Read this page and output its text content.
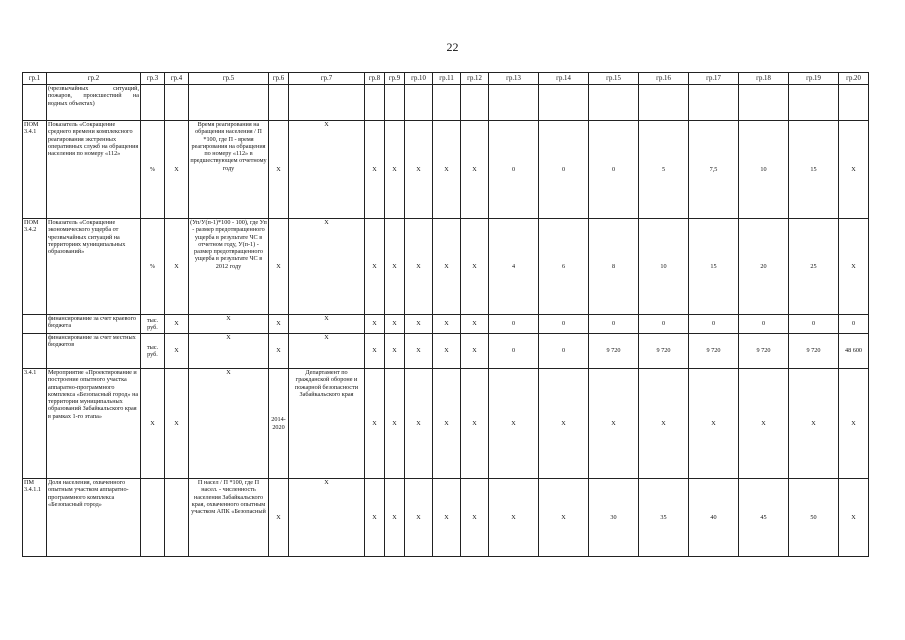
22
гр.1	гр.2	гр.3	гр.4	гр.5	гр.6	гр.7	гр.8	гр.9	гр.10	гр.11	гр.12	гр.13	гр.14	гр.15	гр.16	гр.17	гр.18	гр.19	гр.20
	(чрезвычайных ситуаций, пожаров, происшествий на водных объектах)																		
ПОМ 3.4.1	Показатель «Сокращение среднего времени комплексного реагирования экстренных оперативных служб на обращения населения по номеру «112»	%	Х	Время реагирования на обращения населения / П *100, где П - время реагирования на обращения по номеру «112» в предшествующем отчетному году	Х	Х	Х	Х	Х	Х	Х	0	0	0	5	7,5	10	15	Х
ПОМ 3.4.2	Показатель «Сокращение экономического ущерба от чрезвычайных ситуаций на территориях муниципальных образований»	%	Х	(Уп/У(п-1)*100 - 100), где Уп - размер предотвращенного ущерба в результате ЧС в отчетном году, У(п-1) - размер предотвращенного ущерба в результате ЧС в 2012 году	Х	Х	Х	Х	Х	Х	Х	4	6	8	10	15	20	25	Х
	финансирование за счет краевого бюджета	тыс. руб.	Х	Х	Х	Х	Х	Х	Х	Х	Х	0	0	0	0	0	0	0	0
	финансирование за счет местных бюджетов	тыс. руб.	Х	Х	Х	Х	Х	Х	Х	Х	Х	0	0	9 720	9 720	9 720	9 720	9 720	48 600
3.4.1	Мероприятие «Проектирование и построение опытного участка аппаратно-программного комплекса «Безопасный город» на территории муниципальных образований Забайкальского края в рамках 1-го этапа»	Х	Х	Х	2014-2020	Департамент по гражданской обороне и пожарной безопасности Забайкальского края	Х	Х	Х	Х	Х	Х	Х	Х	Х	Х	Х	Х	Х
ПМ 3.4.1.1	Доля населения, охваченного опытным участком аппаратно-программного комплекса «Безопасный город»			П насел / П *100, где П насел. - численность населения Забайкальского края, охваченного опытным участком АПК «Безопасный	Х	Х	Х	Х	Х	Х	Х	Х	Х	30	35	40	45	50	Х
